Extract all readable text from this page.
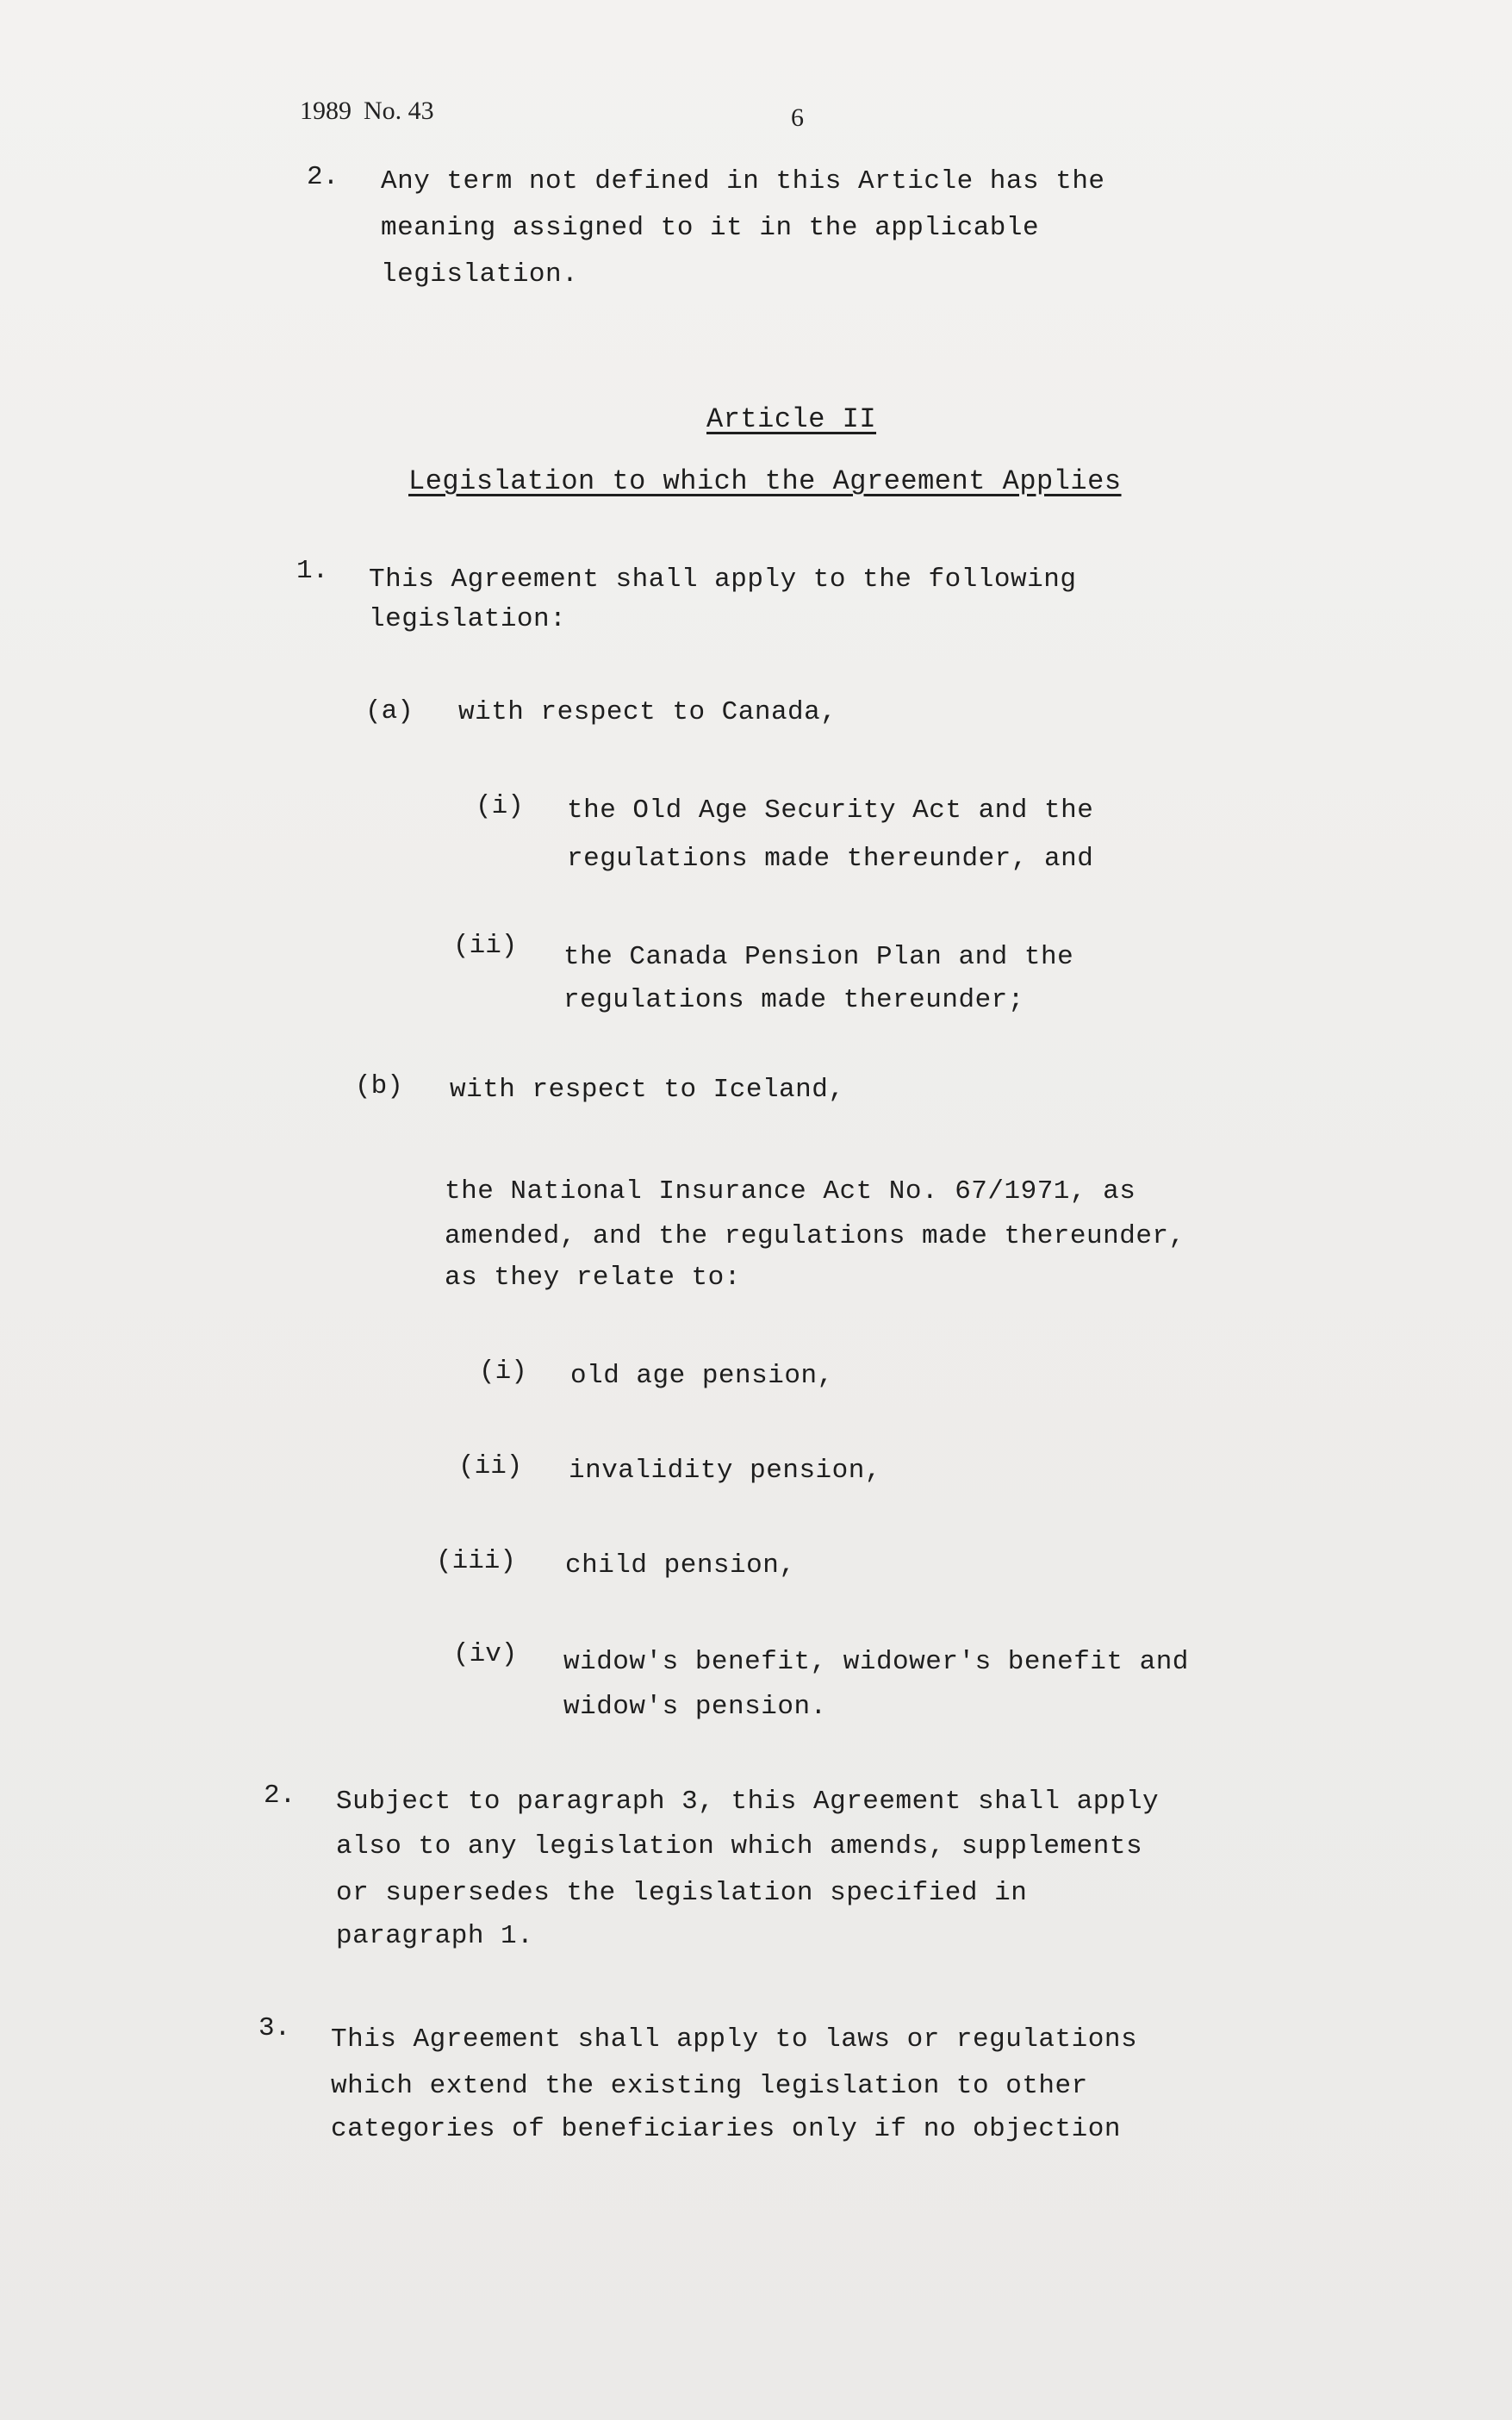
1989 No. 43	6
2. Any term not defined in this Article has the
meaning assigned to it in the applicable
legislation.
Article II
Legislation to which the Agreement Applies
1. This Agreement shall apply to the following
legislation:
(a) with respect to Canada,
(i) the Old Age Security Act and the
regulations made thereunder, and
(ii) the Canada Pension Plan and the
regulations made thereunder;
(b) with respect to Iceland,
the National Insurance Act No. 67/1971, as
amended, and the regulations made thereunder,
as they relate to:
(i) old age pension,
(ii) invalidity pension,
(iii) child pension,
(iv) widow's benefit, widower's benefit and
widow's pension.
2. Subject to paragraph 3, this Agreement shall apply
also to any legislation which amends, supplements
or supersedes the legislation specified in
paragraph 1.
3. This Agreement shall apply to laws or regulations
which extend the existing legislation to other
categories of beneficiaries only if no objection
